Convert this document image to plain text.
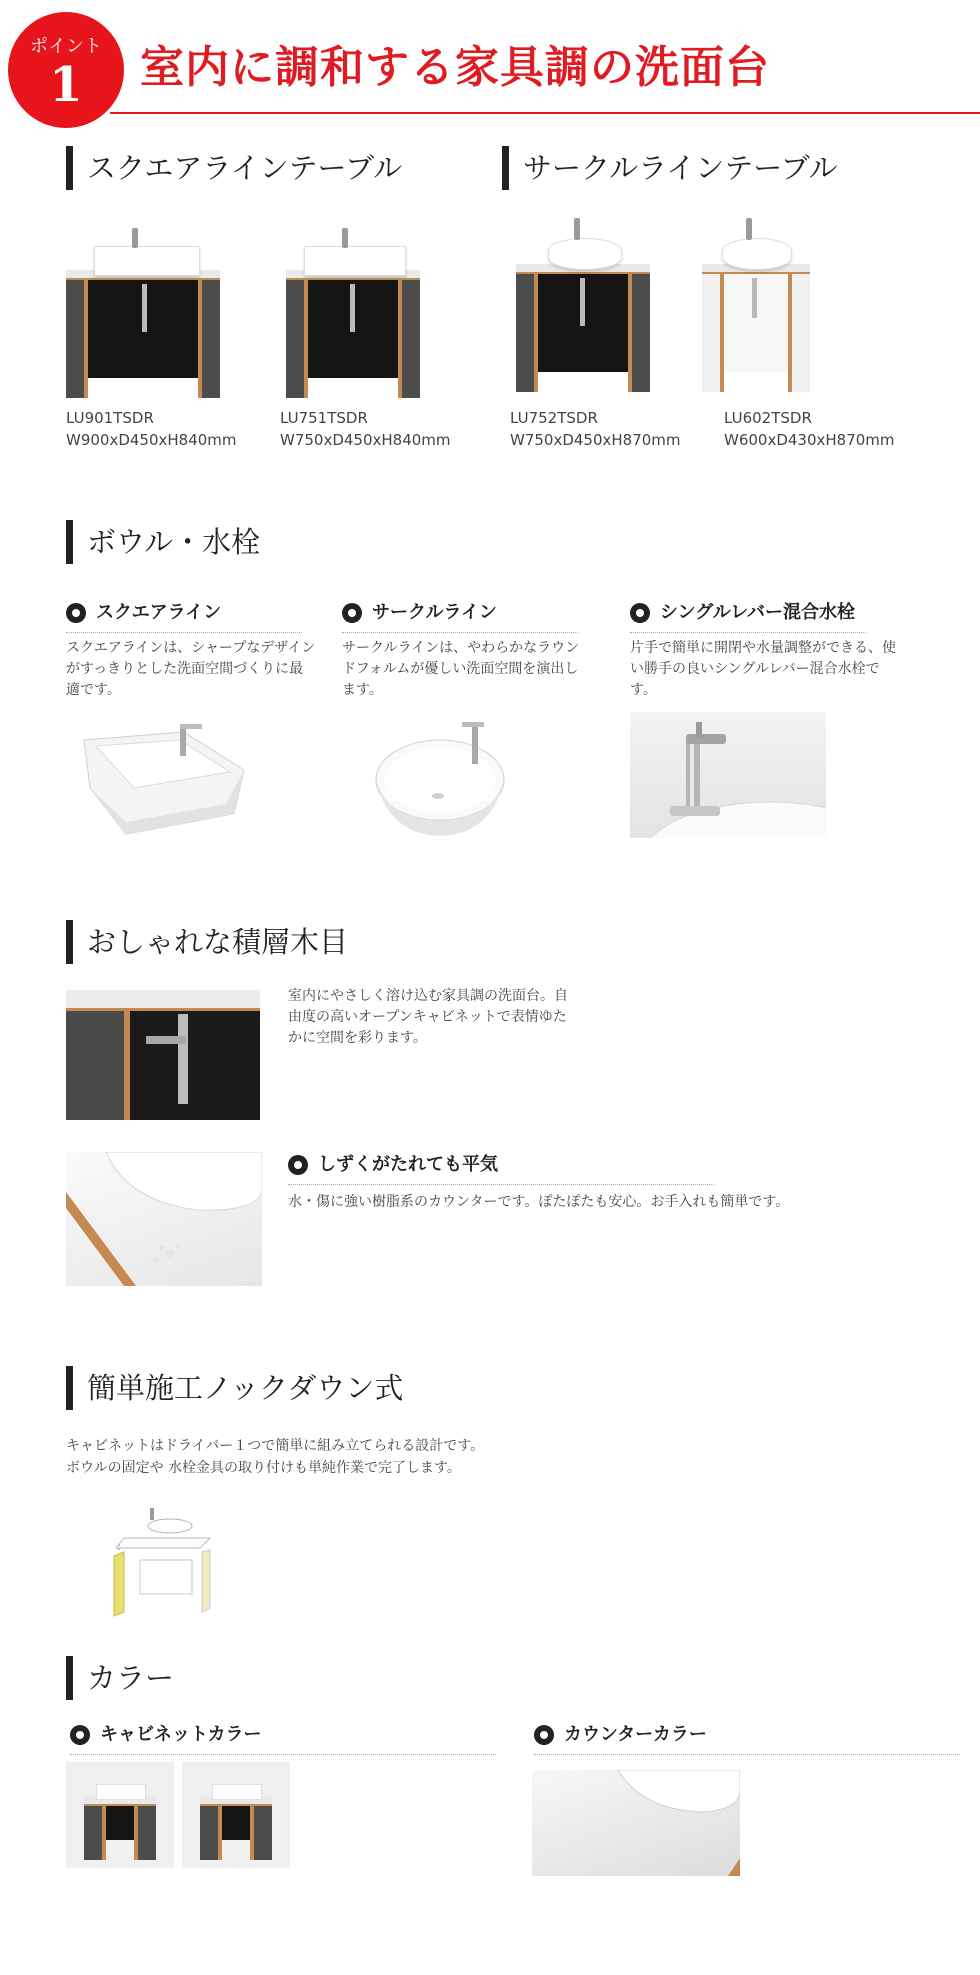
ポイント
1	室内に調和する家具調の洗面台
スクエアラインテーブル	サークルラインテーブル
LU901TSDR
W900xD450xH840mm
LU751TSDR
W750xD450xH840mm
LU752TSDR
W750xD450xH870mm
LU602TSDR
W600xD430xH870mm
ボウル・水栓
スクエアライン
スクエアラインは、シャープなデザインがすっきりとした洗面空間づくりに最適です。
サークルライン
サークルラインは、やわらかなラウンドフォルムが優しい洗面空間を演出します。
シングルレバー混合水栓
片手で簡単に開閉や水量調整ができる、使い勝手の良いシングルレバー混合水栓です。
おしゃれな積層木目
室内にやさしく溶け込む家具調の洗面台。自由度の高いオープンキャビネットで表情ゆたかに空間を彩ります。
しずくがたれても平気
水・傷に強い樹脂系のカウンターです。ぽたぽたも安心。お手入れも簡単です。
簡単施工ノックダウン式
キャビネットはドライバー１つで簡単に組み立てられる設計です。
ボウルの固定や 水栓金具の取り付けも単純作業で完了します。
カラー
キャビネットカラー	カウンターカラー
